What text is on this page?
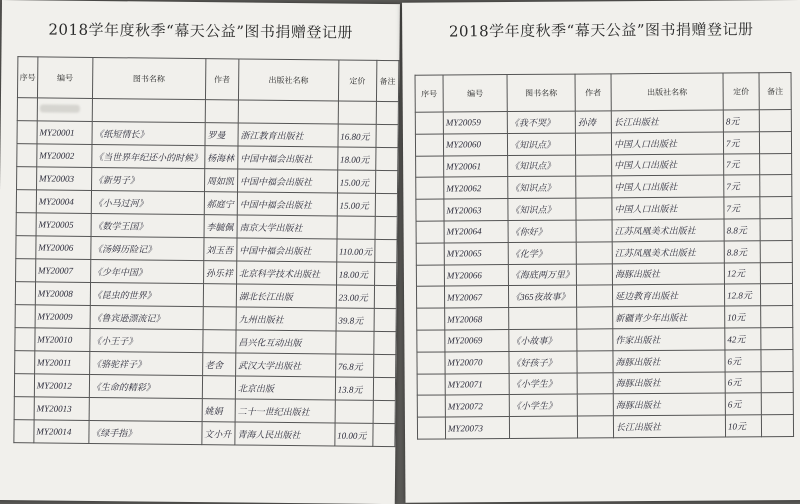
2018学年度秋季“幕天公益”图书捐赠登记册
序号	编号	图书名称	作者	出版社名称	定价	备注

	MY20001	《纸短情长》	罗曼	浙江教育出版社	16.80元	
	MY20002	《当世界年纪还小的时候》	杨海林	中国中福会出版社	18.00元	
	MY20003	《新男子》	周如凯	中国中福会出版社	15.00元	
	MY20004	《小马过河》	郝庭宁	中国中福会出版社	15.00元	
	MY20005	《数学王国》	李毓佩	南京大学出版社		
	MY20006	《汤姆历险记》	刘玉吾	中国中福会出版社	110.00元	
	MY20007	《少年中国》	孙乐祥	北京科学技术出版社	18.00元	
	MY20008	《昆虫的世界》		湖北长江出版	23.00元	
	MY20009	《鲁宾逊漂流记》		九州出版社	39.8元	
	MY20010	《小王子》		昌兴化互动出版		
	MY20011	《骆驼祥子》	老舍	武汉大学出版社	76.8元	
	MY20012	《生命的精彩》		北京出版	13.8元	
	MY20013		姚娟	二十一世纪出版社		
	MY20014	《绿手指》	文小升	青海人民出版社	10.00元	
2018学年度秋季“幕天公益”图书捐赠登记册
序号	编号	图书名称	作者	出版社名称	定价	备注
	MY20059	《我不哭》	孙涛	长江出版社	8元	
	MY20060	《知识点》		中国人口出版社	7元	
	MY20061	《知识点》		中国人口出版社	7元	
	MY20062	《知识点》		中国人口出版社	7元	
	MY20063	《知识点》		中国人口出版社	7元	
	MY20064	《你好》		江苏凤凰美术出版社	8.8元	
	MY20065	《化学》		江苏凤凰美术出版社	8.8元	
	MY20066	《海底两万里》		海豚出版社	12元	
	MY20067	《365夜故事》		延边教育出版社	12.8元	
	MY20068			新疆青少年出版社	10元	
	MY20069	《小故事》		作家出版社	42元	
	MY20070	《好孩子》		海豚出版社	6元	
	MY20071	《小学生》		海豚出版社	6元	
	MY20072	《小学生》		海豚出版社	6元	
	MY20073			长江出版社	10元	
